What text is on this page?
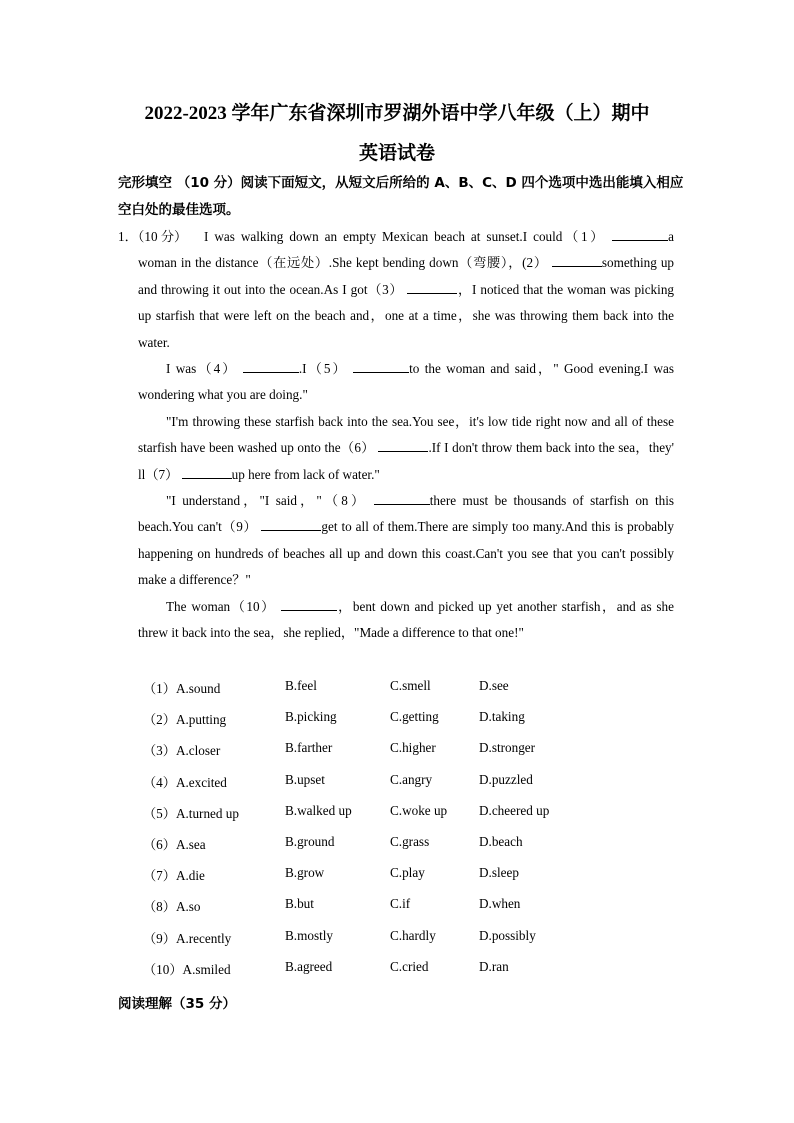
2022-2023 学年广东省深圳市罗湖外语中学八年级（上）期中
英语试卷
完形填空 （10 分）阅读下面短文，从短文后所给的 A、B、C、D 四个选项中选出能填入相应空白处的最佳选项。
1．（10 分）	I was walking down an empty Mexican beach at sunset.I could（1）	a woman in the distance（在远处）.She kept bending down（弯腰），(2）	something up and throwing it out into the ocean.As I got（3）	，I noticed that the woman was picking up starfish that were left on the beach and，one at a time，she was throwing them back into the water.

I was（4）	.I（5）	to the woman and said，" Good evening.I was wondering what you are doing."

"I'm throwing these starfish back into the sea.You see，it's low tide right now and all of these starfish have been washed up onto the（6）	.If I don't throw them back into the sea，they' ll（7）	up here from lack of water."

"I understand，"I said，"（8）	there must be thousands of starfish on this beach.You can't（9）	get to all of them.There are simply too many.And this is probably happening on hundreds of beaches all up and down this coast.Can't you see that you can't possibly make a difference？"

The woman（10）	，bent down and picked up yet another starfish，and as she threw it back into the sea，she replied，"Made a difference to that one!"

（1）A.sound	B.feel	C.smell	D.see
（2）A.putting	B.picking	C.getting	D.taking
（3）A.closer	B.farther	C.higher	D.stronger
（4）A.excited	B.upset	C.angry	D.puzzled
（5）A.turned up	B.walked up	C.woke up D.cheered up
（6）A.sea	B.ground	C.grass	D.beach
（7）A.die	B.grow	C.play	D.sleep
（8）A.so	B.but	C.if	D.when
（9）A.recently	B.mostly	C.hardly	D.possibly
（10）A.smiled	B.agreed	C.cried	D.ran
阅读理解（35 分）
